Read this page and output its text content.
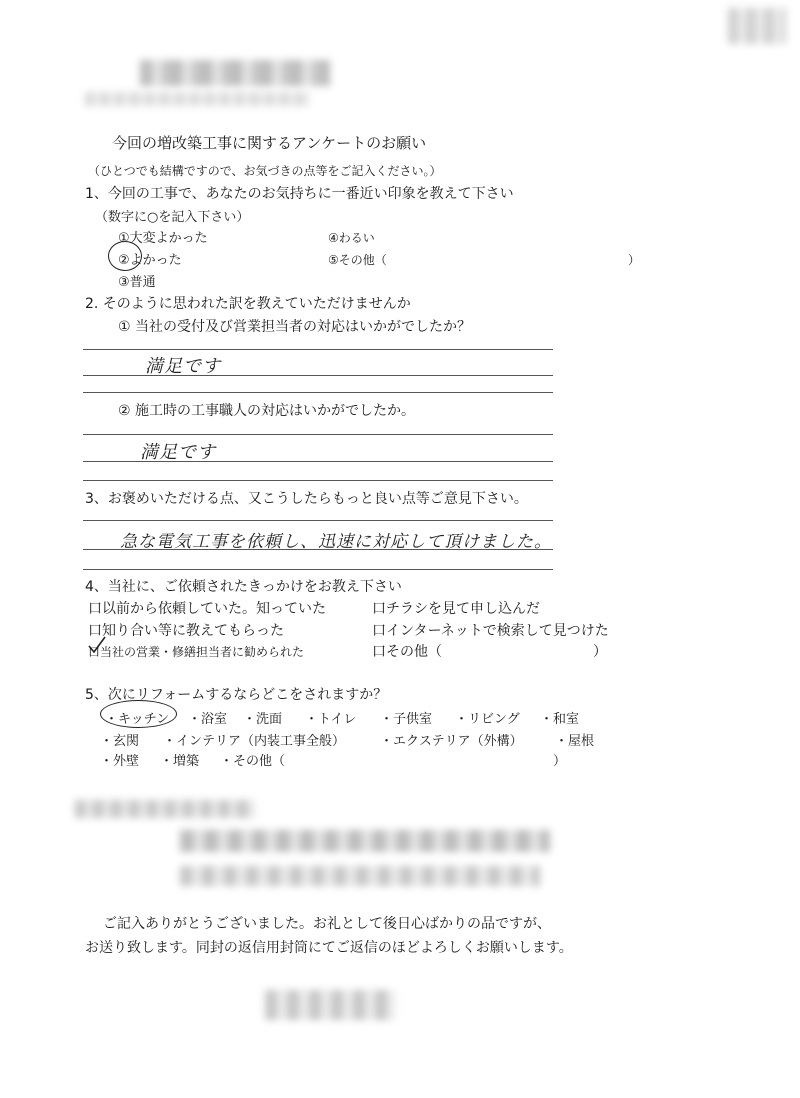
今回の増改築工事に関するアンケートのお願い
（ひとつでも結構ですので、お気づきの点等をご記入ください。）
1、今回の工事で、あなたのお気持ちに一番近い印象を教えて下さい
（数字に○を記入下さい）
①大変よかった
②よかった
③普通
④わるい
⑤その他（	）
2. そのように思われた訳を教えていただけませんか
① 当社の受付及び営業担当者の対応はいかがでしたか？
満足です
② 施工時の工事職人の対応はいかがでしたか。
満足です
3、お褒めいただける点、又こうしたらもっと良い点等ご意見下さい。
急な電気工事を依頼し、迅速に対応して頂けました。
4、当社に、ご依頼されたきっかけをお教え下さい
口以前から依頼していた。知っていた
口知り合い等に教えてもらった
口当社の営業・修繕担当者に勧められた
口チラシを見て申し込んだ
口インターネットで検索して見つけた
口その他（	）
5、次にリフォームするならどこをされますか？
・キッチン ・浴室 ・洗面 ・トイレ ・子供室 ・リビング ・和室
・玄関 ・インテリア（内装工事全般）	・エクステリア（外構） ・屋根
・外壁 ・増築 ・その他（	）
ご記入ありがとうございました。お礼として後日心ばかりの品ですが、
お送り致します。同封の返信用封筒にてご返信のほどよろしくお願いします。
